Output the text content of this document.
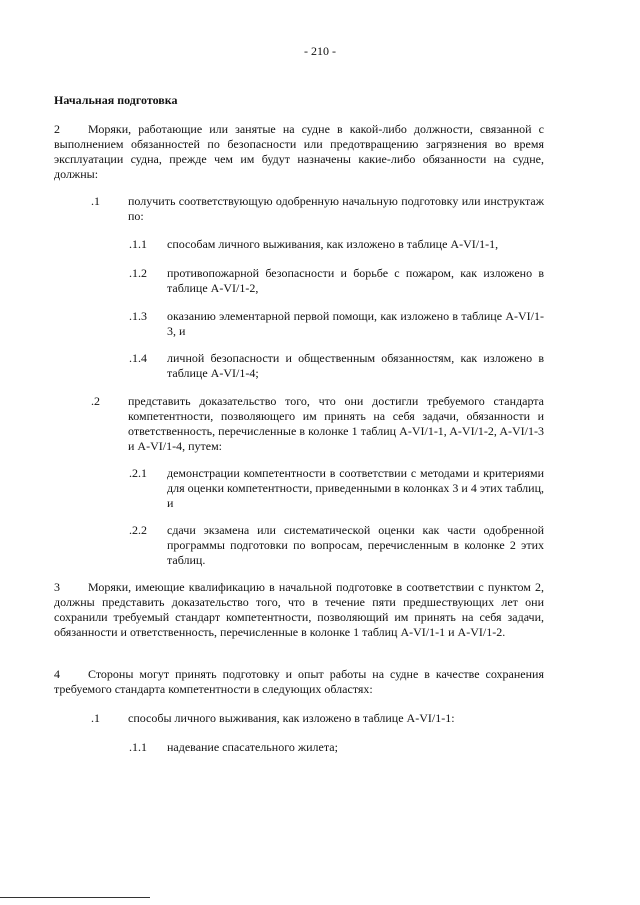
- 210 -
Начальная подготовка
2 Моряки, работающие или занятые на судне в какой-либо должности, связанной с выполнением обязанностей по безопасности или предотвращению загрязнения во время эксплуатации судна, прежде чем им будут назначены какие-либо обязанности на судне, должны:
.1 получить соответствующую одобренную начальную подготовку или инструктаж по:
.1.1 способам личного выживания, как изложено в таблице A-VI/1-1,
.1.2 противопожарной безопасности и борьбе с пожаром, как изложено в таблице A-VI/1-2,
.1.3 оказанию элементарной первой помощи, как изложено в таблице A-VI/1-3, и
.1.4 личной безопасности и общественным обязанностям, как изложено в таблице A-VI/1-4;
.2 представить доказательство того, что они достигли требуемого стандарта компетентности, позволяющего им принять на себя задачи, обязанности и ответственность, перечисленные в колонке 1 таблиц A-VI/1-1, A-VI/1-2, A-VI/1-3 и A-VI/1-4, путем:
.2.1 демонстрации компетентности в соответствии с методами и критериями для оценки компетентности, приведенными в колонках 3 и 4 этих таблиц, и
.2.2 сдачи экзамена или систематической оценки как части одобренной программы подготовки по вопросам, перечисленным в колонке 2 этих таблиц.
3 Моряки, имеющие квалификацию в начальной подготовке в соответствии с пунктом 2, должны представить доказательство того, что в течение пяти предшествующих лет они сохранили требуемый стандарт компетентности, позволяющий им принять на себя задачи, обязанности и ответственность, перечисленные в колонке 1 таблиц A-VI/1-1 и A-VI/1-2.
4 Стороны могут принять подготовку и опыт работы на судне в качестве сохранения требуемого стандарта компетентности в следующих областях:
.1 способы личного выживания, как изложено в таблице A-VI/1-1:
.1.1 надевание спасательного жилета;
